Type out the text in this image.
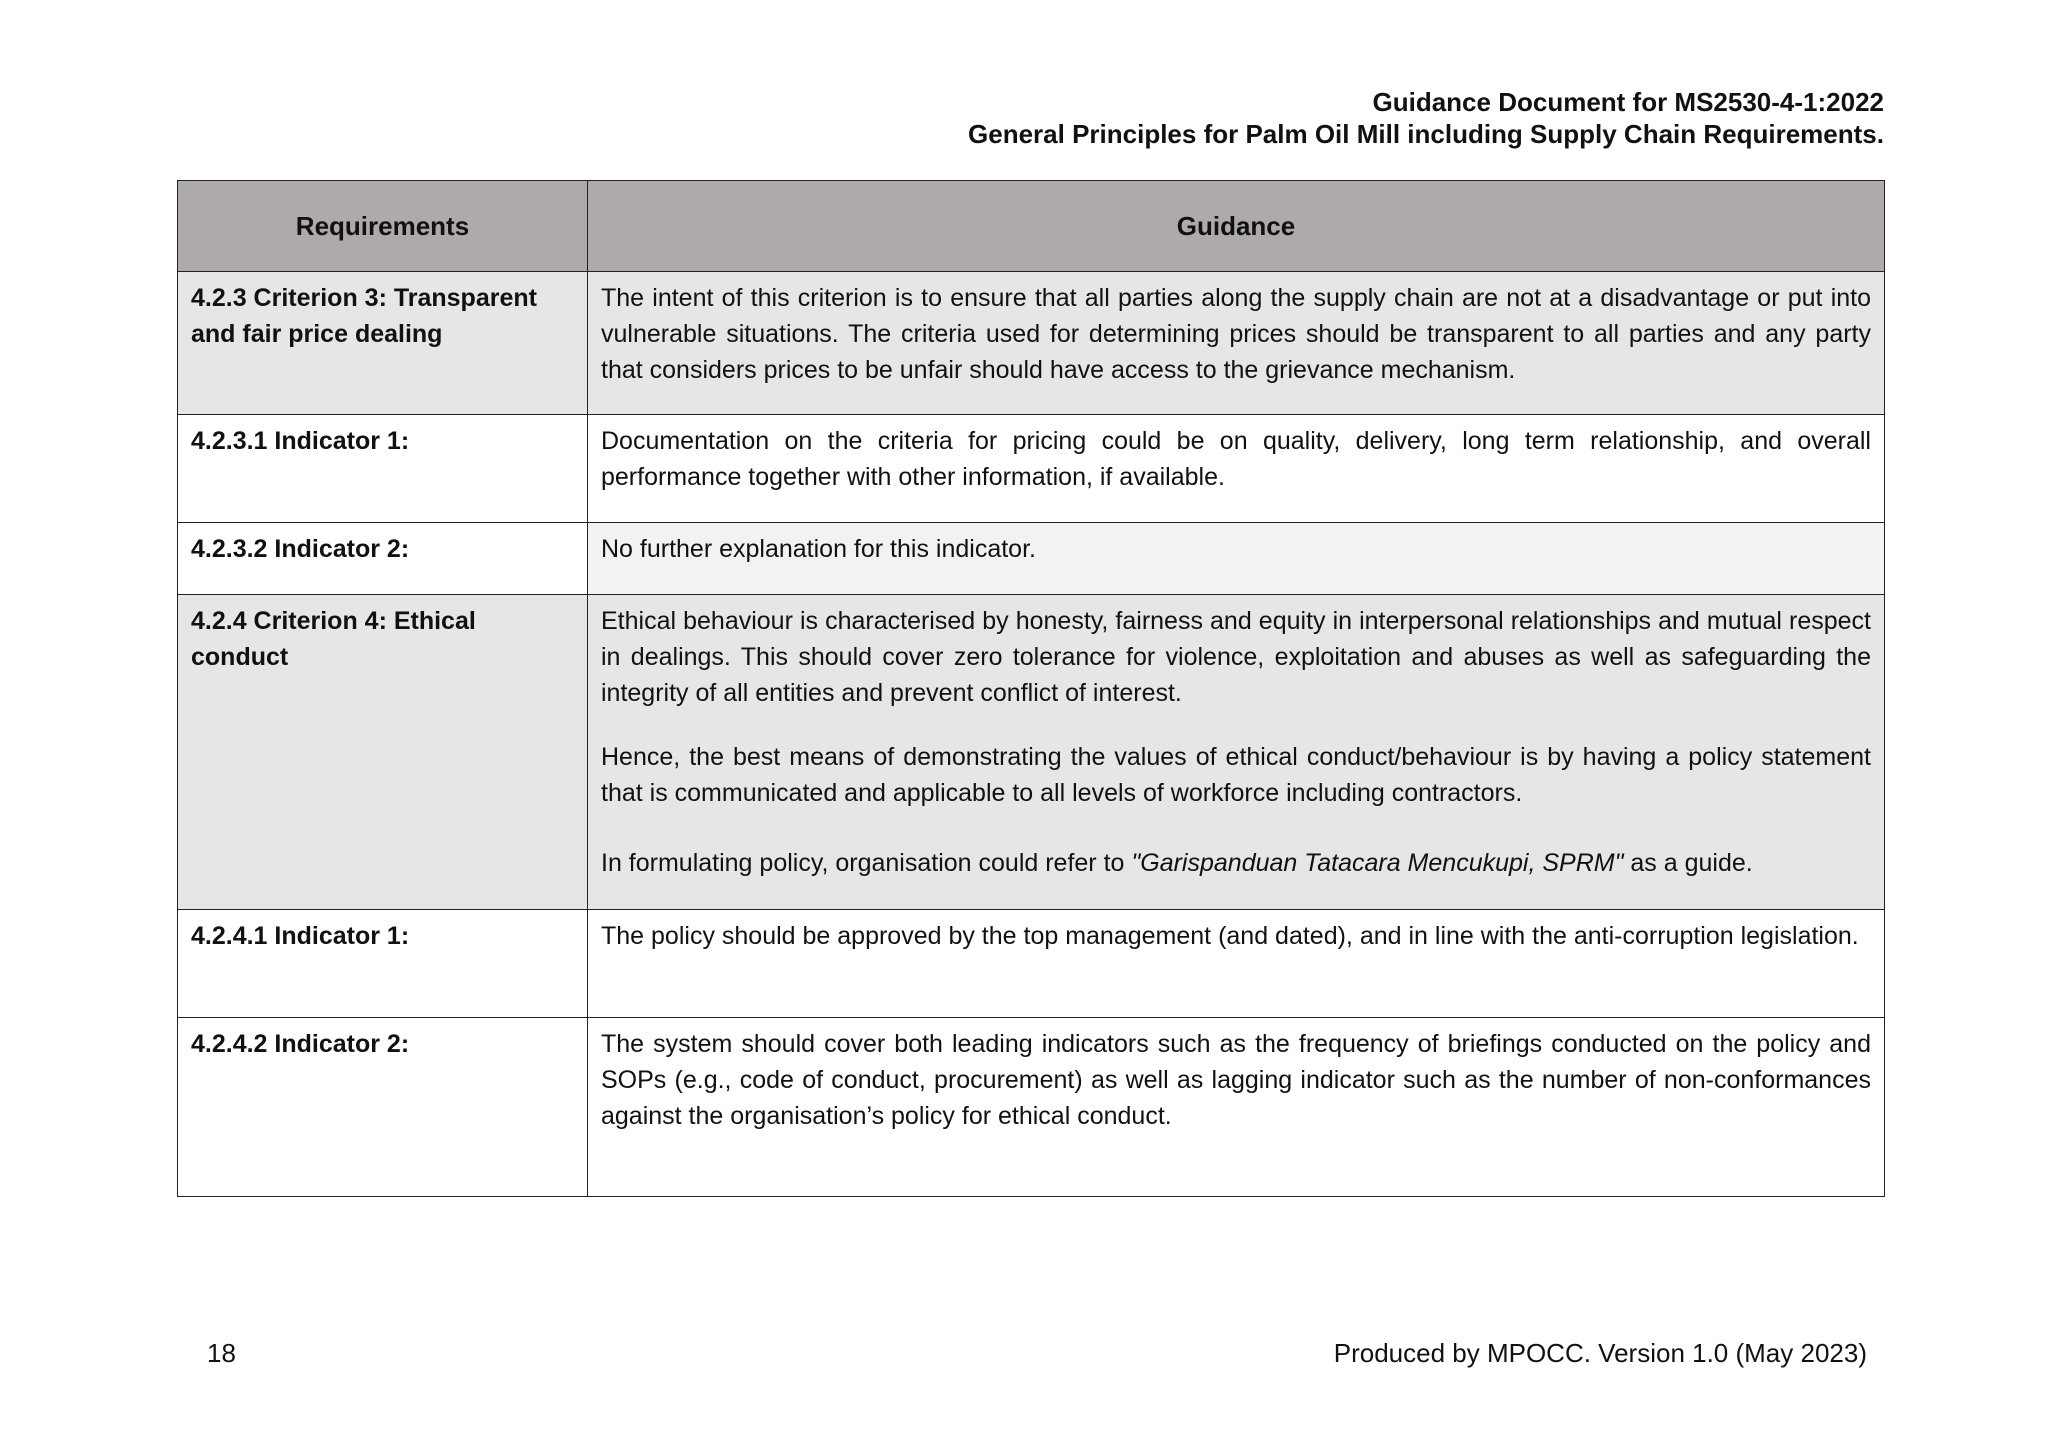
Guidance Document for MS2530-4-1:2022
General Principles for Palm Oil Mill including Supply Chain Requirements.
Requirements	Guidance
4.2.3 Criterion 3: Transparent and fair price dealing	The intent of this criterion is to ensure that all parties along the supply chain are not at a disadvantage or put into vulnerable situations. The criteria used for determining prices should be transparent to all parties and any party that considers prices to be unfair should have access to the grievance mechanism.

4.2.3.1 Indicator 1:	Documentation on the criteria for pricing could be on quality, delivery, long term relationship, and overall performance together with other information, if available.

4.2.3.2 Indicator 2:	No further explanation for this indicator.

4.2.4 Criterion 4: Ethical conduct	Ethical behaviour is characterised by honesty, fairness and equity in interpersonal relationships and mutual respect in dealings. This should cover zero tolerance for violence, exploitation and abuses as well as safeguarding the integrity of all entities and prevent conflict of interest.

Hence, the best means of demonstrating the values of ethical conduct/behaviour is by having a policy statement that is communicated and applicable to all levels of workforce including contractors.

In formulating policy, organisation could refer to "Garispanduan Tatacara Mencukupi, SPRM" as a guide.

4.2.4.1 Indicator 1:	The policy should be approved by the top management (and dated), and in line with the anti-corruption legislation.

4.2.4.2 Indicator 2:	The system should cover both leading indicators such as the frequency of briefings conducted on the policy and SOPs (e.g., code of conduct, procurement) as well as lagging indicator such as the number of non-conformances against the organisation’s policy for ethical conduct.

18	Produced by MPOCC. Version 1.0 (May 2023)
